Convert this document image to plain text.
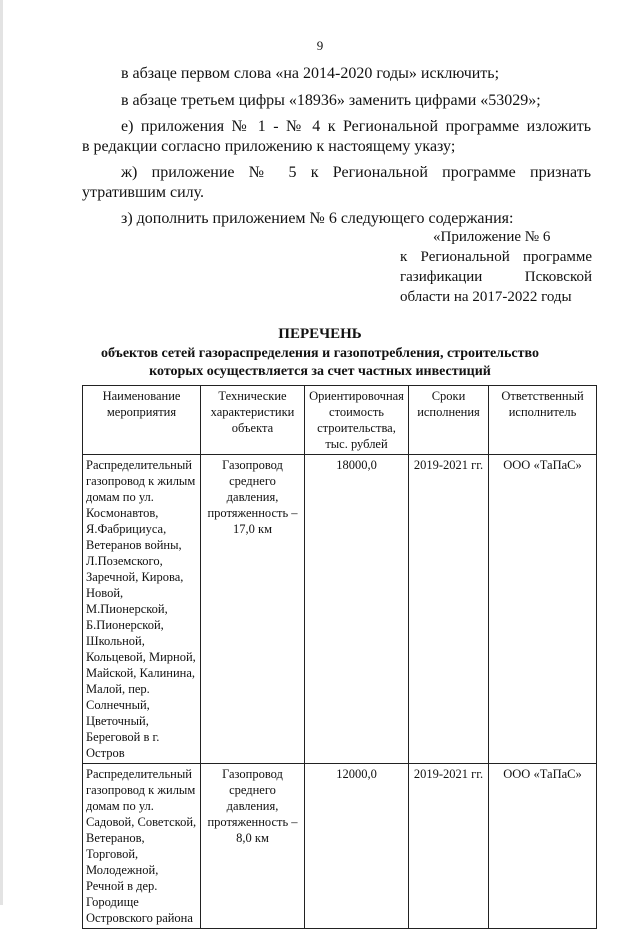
9
в абзаце первом слова «на 2014-2020 годы» исключить;
в абзаце третьем цифры «18936» заменить цифрами «53029»;
е) приложения № 1 - № 4 к Региональной программе изложить
в редакции согласно приложению к настоящему указу;
ж) приложение № 5 к Региональной программе признать
утратившим силу.
з) дополнить приложением № 6 следующего содержания:
«Приложение № 6
к Региональной программе
газификации Псковской
области на 2017-2022 годы
ПЕРЕЧЕНЬ
объектов сетей газораспределения и газопотребления, строительство
которых осуществляется за счет частных инвестиций
Наименование мероприятия	Технические характеристики объекта	Ориентировочная стоимость строительства, тыс. рублей	Сроки исполнения	Ответственный исполнитель
Распределительный газопровод к жилым домам по ул. Космонавтов, Я.Фабрициуса, Ветеранов войны, Л.Поземского, Заречной, Кирова, Новой, М.Пионерской, Б.Пионерской, Школьной, Кольцевой, Мирной, Майской, Калинина, Малой, пер. Солнечный, Цветочный, Береговой в г. Остров	Газопровод среднего давления, протяженность – 17,0 км	18000,0	2019-2021 гг.	ООО «ТаПаС»
Распределительный газопровод к жилым домам по ул. Садовой, Советской, Ветеранов, Торговой, Молодежной, Речной в дер. Городище Островского района	Газопровод среднего давления, протяженность – 8,0 км	12000,0	2019-2021 гг.	ООО «ТаПаС»
